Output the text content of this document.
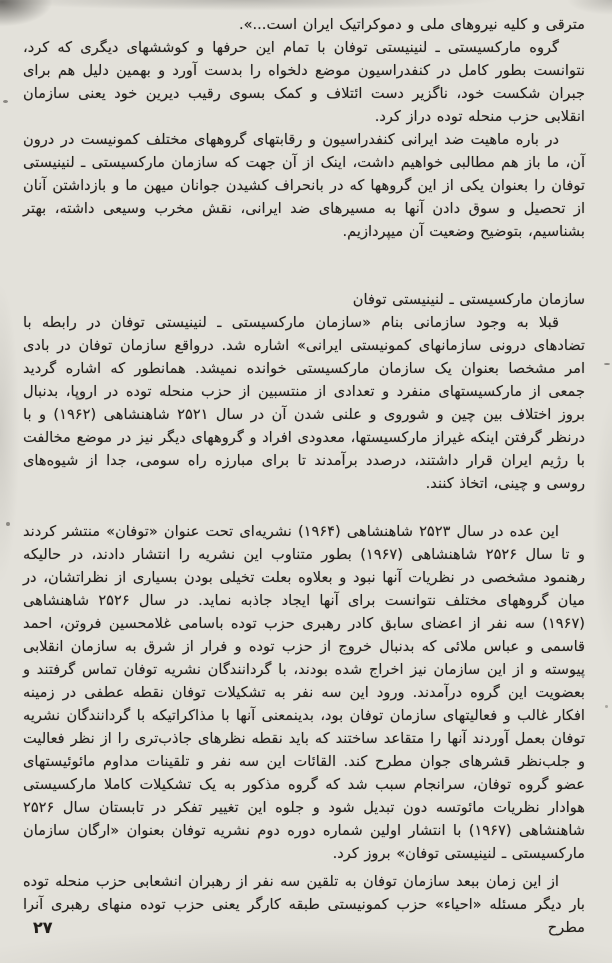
مترقی و کلیه نیروهای ملی و دموکراتیک ایران است...».

گروه مارکسیستی ـ لنینیستی توفان با تمام این حرفها و کوششهای دیگری که کرد، نتوانست بطور کامل در کنفدراسیون موضع دلخواه را بدست آورد و بهمین دلیل هم برای جبران شکست خود، ناگزیر دست ائتلاف و کمک بسوی رقیب دیرین خود یعنی سازمان انقلابی حزب منحله توده دراز کرد.

در باره ماهیت ضد ایرانی کنفدراسیون و رقابتهای گروههای مختلف کمونیست در درون آن، ما باز هم مطالبی خواهیم داشت، اینک از آن جهت که سازمان مارکسیستی ـ لنینیستی توفان را بعنوان یکی از این گروهها که در بانحراف کشیدن جوانان میهن ما و بازداشتن آنان از تحصیل و سوق دادن آنها به مسیرهای ضد ایرانی، نقش مخرب وسیعی داشته، بهتر بشناسیم، بتوضیح وضعیت آن میپردازیم.

سازمان مارکسیستی ـ لنینیستی توفان

قبلا به وجود سازمانی بنام «سازمان مارکسیستی ـ لنینیستی توفان در رابطه با تضادهای درونی سازمانهای کمونیستی ایرانی» اشاره شد. درواقع سازمان توفان در بادی امر مشخصا بعنوان یک سازمان مارکسیستی خوانده نمیشد. همانطور که اشاره گردید جمعی از مارکسیستهای منفرد و تعدادی از منتسبین از حزب منحله توده در اروپا، بدنبال بروز اختلاف بین چین و شوروی و علنی شدن آن در سال ۲۵۲۱ شاهنشاهی (۱۹۶۲) و با درنظر گرفتن اینکه غیراز مارکسیستها، معدودی افراد و گروههای دیگر نیز در موضع مخالفت با رژیم ایران قرار داشتند، درصدد برآمدند تا برای مبارزه راه سومی، جدا از شیوه‌های روسی و چینی، اتخاذ کنند.

این عده در سال ۲۵۲۳ شاهنشاهی (۱۹۶۴) نشریه‌ای تحت عنوان «توفان» منتشر کردند و تا سال ۲۵۲۶ شاهنشاهی (۱۹۶۷) بطور متناوب این نشریه را انتشار دادند، در حالیکه رهنمود مشخصی در نظریات آنها نبود و بعلاوه بعلت تخیلی بودن بسیاری از نظراتشان، در میان گروههای مختلف نتوانست برای آنها ایجاد جاذبه نماید. در سال ۲۵۲۶ شاهنشاهی (۱۹۶۷) سه نفر از اعضای سابق کادر رهبری حزب توده باسامی غلامحسین فروتن، احمد قاسمی و عباس ملائی که بدنبال خروج از حزب توده و فرار از شرق به سازمان انقلابی پیوسته و از این سازمان نیز اخراج شده بودند، با گردانندگان نشریه توفان تماس گرفتند و بعضویت این گروه درآمدند. ورود این سه نفر به تشکیلات توفان نقطه عطفی در زمینه افکار غالب و فعالیتهای سازمان توفان بود، بدینمعنی آنها با مذاکراتیکه با گردانندگان نشریه توفان بعمل آوردند آنها را متقاعد ساختند که باید نقطه نظرهای جاذب‌تری را از نظر فعالیت و جلب‌نظر قشرهای جوان مطرح کند. القائات این سه نفر و تلقینات مداوم مائوئیستهای عضو گروه توفان، سرانجام سبب شد که گروه مذکور به یک تشکیلات کاملا مارکسیستی هوادار نظریات مائوتسه دون تبدیل شود و جلوه این تغییر تفکر در تابستان سال ۲۵۲۶ شاهنشاهی (۱۹۶۷) با انتشار اولین شماره دوره دوم نشریه توفان بعنوان «ارگان سازمان مارکسیستی ـ لنینیستی توفان» بروز کرد.

از این زمان ببعد سازمان توفان به تلقین سه نفر از رهبران انشعابی حزب منحله توده بار دیگر مسئله «احیاء» حزب کمونیستی طبقه کارگر یعنی حزب توده منهای رهبری آنرا مطرح

۲۷
